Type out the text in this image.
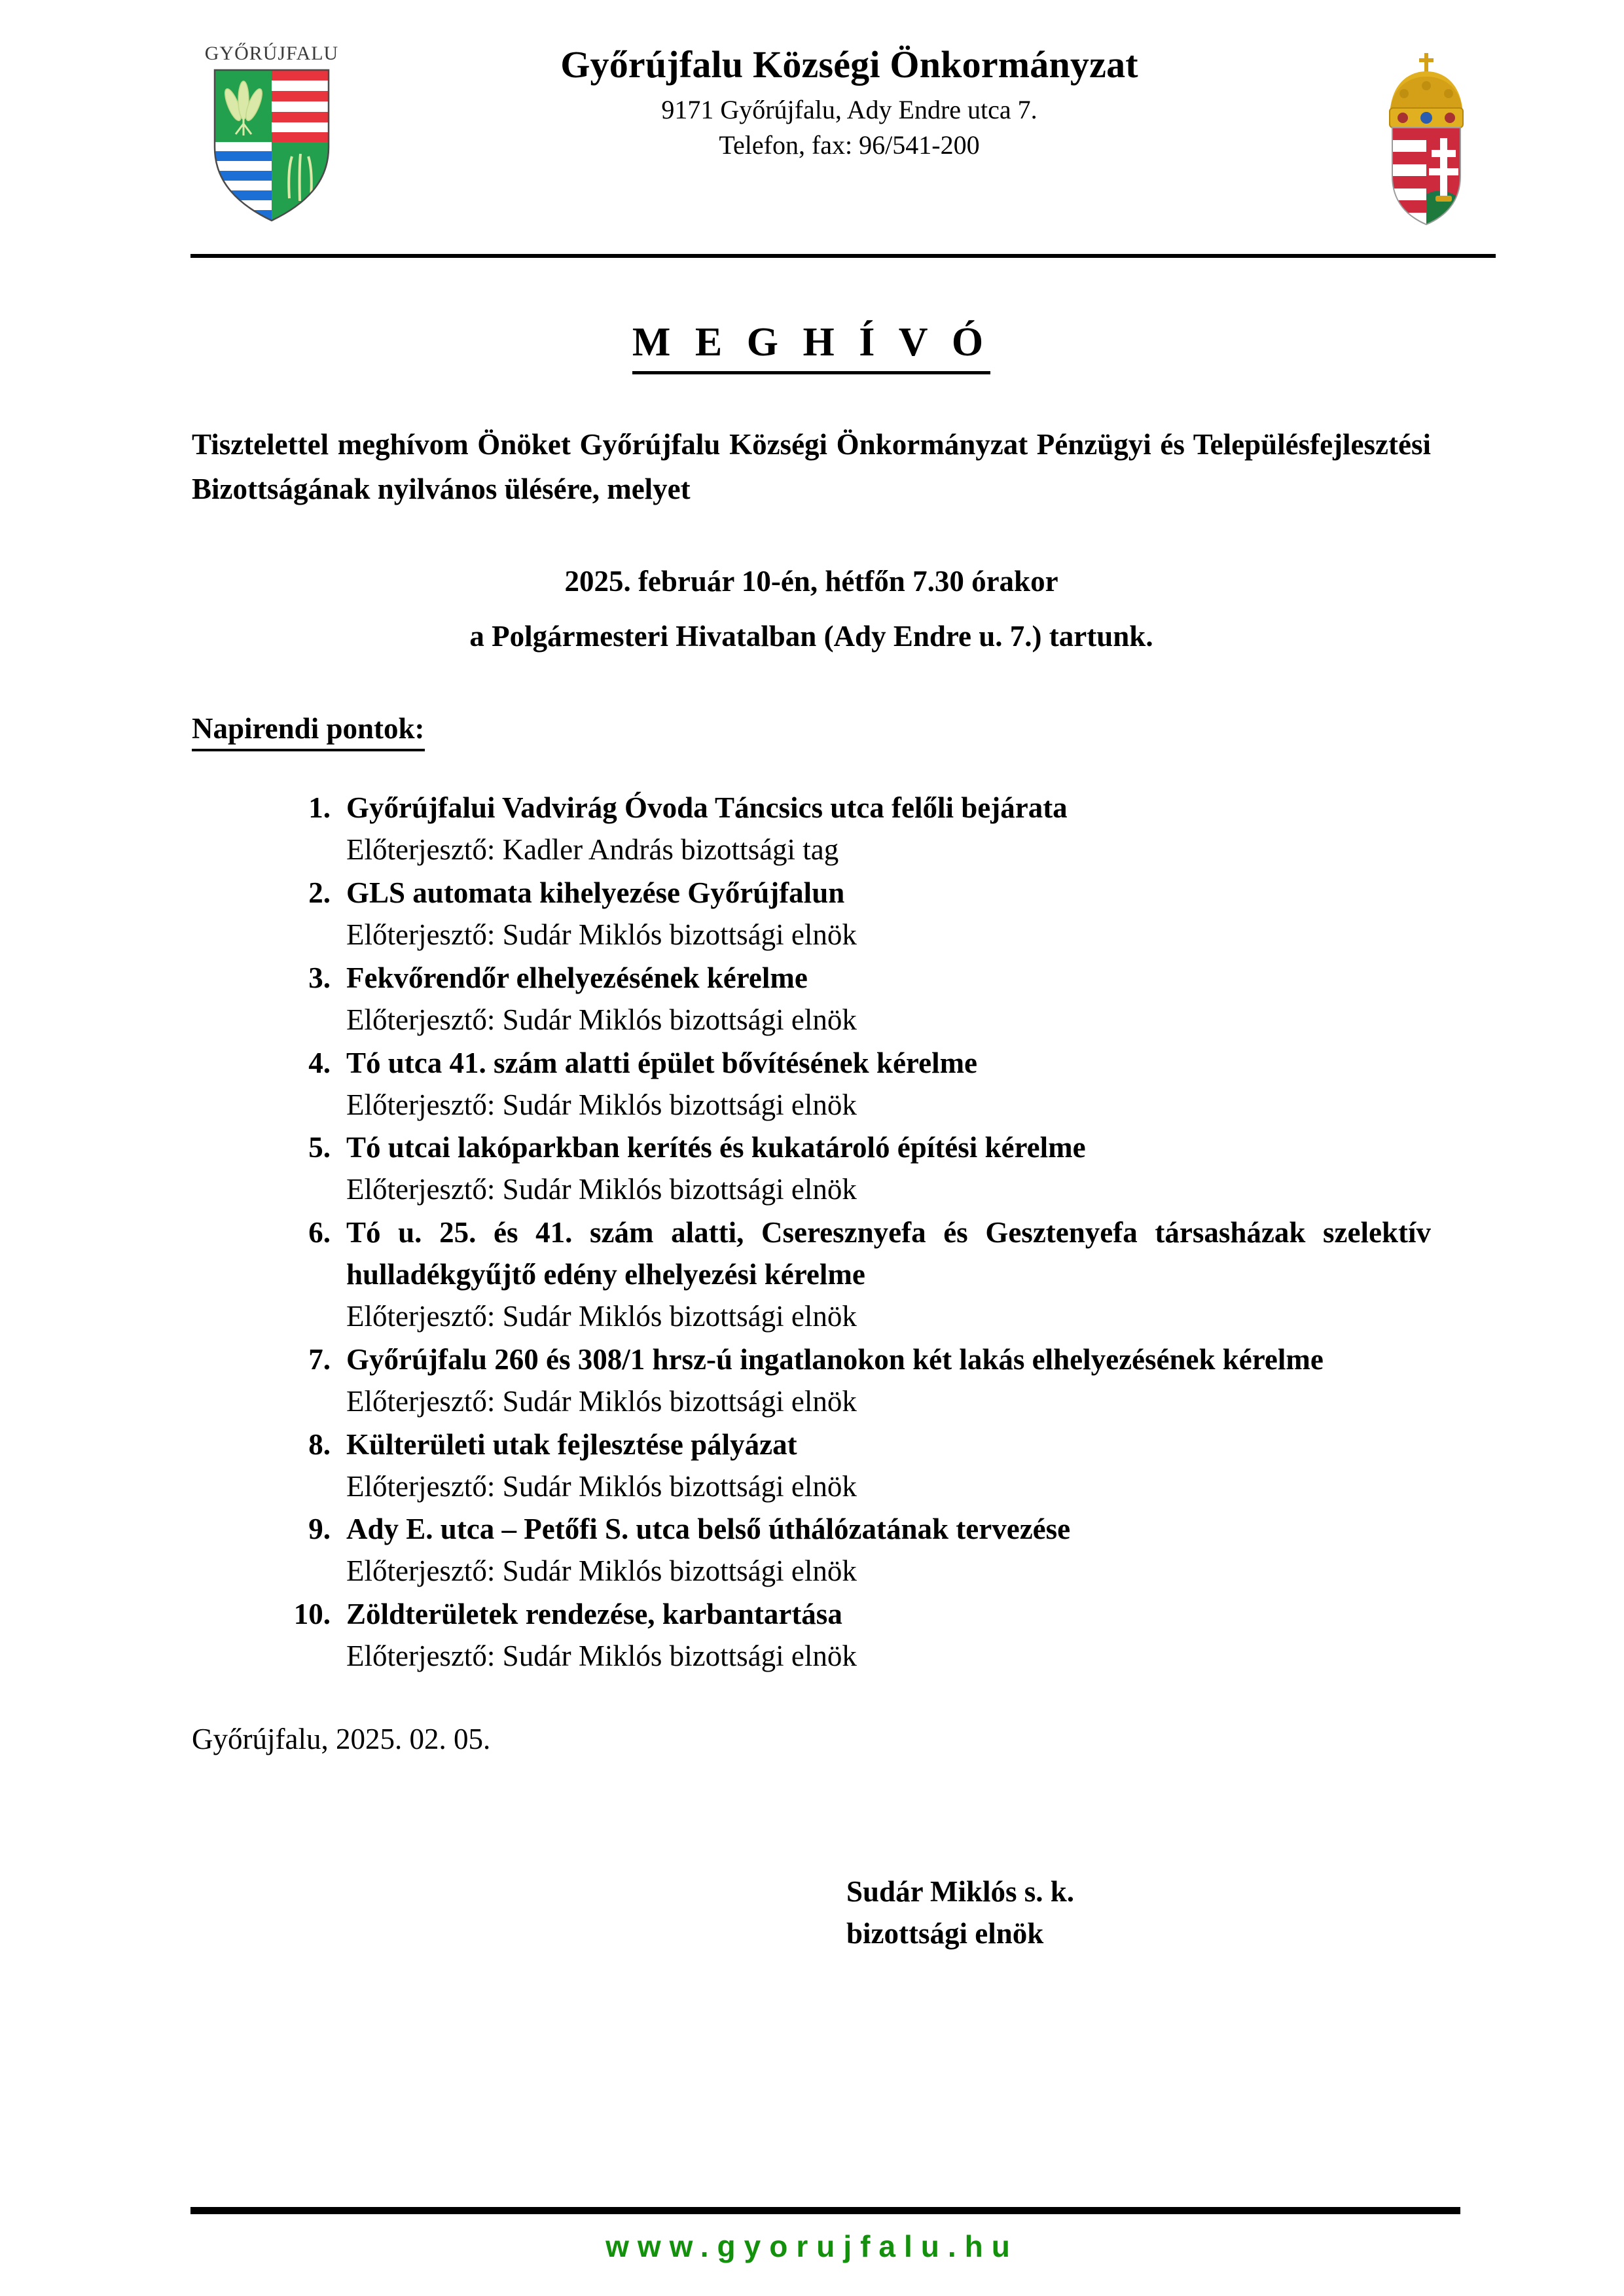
GYŐRÚJFALU	Győrújfalu Községi Önkormányzat
9171 Győrújfalu, Ady Endre utca 7.
Telefon, fax: 96/541-200
M E G H Í V Ó
Tisztelettel meghívom Önöket Győrújfalu Községi Önkormányzat Pénzügyi és Településfejlesztési Bizottságának nyilvános ülésére, melyet
2025. február 10-én, hétfőn 7.30 órakor
a Polgármesteri Hivatalban (Ady Endre u. 7.) tartunk.
Napirendi pontok:
1. Győrújfalui Vadvirág Óvoda Táncsics utca felőli bejárata
Előterjesztő: Kadler András bizottsági tag
2. GLS automata kihelyezése Győrújfalun
Előterjesztő: Sudár Miklós bizottsági elnök
3. Fekvőrendőr elhelyezésének kérelme
Előterjesztő: Sudár Miklós bizottsági elnök
4. Tó utca 41. szám alatti épület bővítésének kérelme
Előterjesztő: Sudár Miklós bizottsági elnök
5. Tó utcai lakóparkban kerítés és kukatároló építési kérelme
Előterjesztő: Sudár Miklós bizottsági elnök
6. Tó u. 25. és 41. szám alatti, Cseresznyefa és Gesztenyefa társasházak szelektív hulladékgyűjtő edény elhelyezési kérelme
Előterjesztő: Sudár Miklós bizottsági elnök
7. Győrújfalu 260 és 308/1 hrsz-ú ingatlanokon két lakás elhelyezésének kérelme
Előterjesztő: Sudár Miklós bizottsági elnök
8. Külterületi utak fejlesztése pályázat
Előterjesztő: Sudár Miklós bizottsági elnök
9. Ady E. utca – Petőfi S. utca belső úthálózatának tervezése
Előterjesztő: Sudár Miklós bizottsági elnök
10. Zöldterületek rendezése, karbantartása
Előterjesztő: Sudár Miklós bizottsági elnök
Győrújfalu, 2025. 02. 05.
Sudár Miklós s. k.
bizottsági elnök
www.gyorujfalu.hu
